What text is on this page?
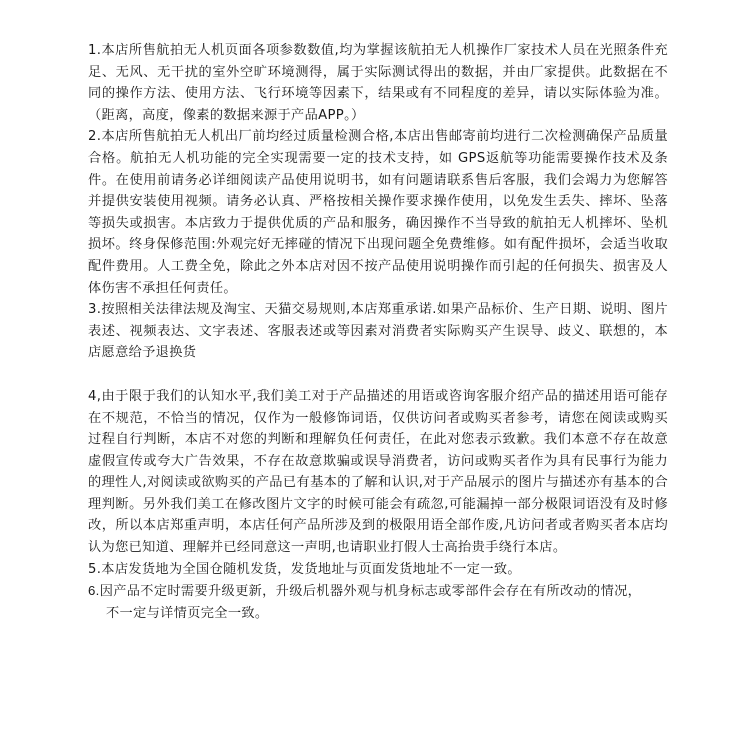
1.本店所售航拍无人机页面各项参数数值,均为掌握该航拍无人机操作厂家技术人员在光照条件充足、无风、无干扰的室外空旷环境测得，属于实际测试得出的数据，并由厂家提供。此数据在不同的操作方法、使用方法、飞行环境等因素下，结果或有不同程度的差异，请以实际体验为准。（距离，高度，像素的数据来源于产品APP。）

2.本店所售航拍无人机出厂前均经过质量检测合格,本店出售邮寄前均进行二次检测确保产品质量合格。航拍无人机功能的完全实现需要一定的技术支持，如 GPS返航等功能需要操作技术及条件。在使用前请务必详细阅读产品使用说明书，如有问题请联系售后客服，我们会竭力为您解答并提供安装使用视频。请务必认真、严格按相关操作要求操作使用，以免发生丢失、摔坏、坠落等损失或损害。本店致力于提供优质的产品和服务，确因操作不当导致的航拍无人机摔坏、坠机损坏。终身保修范围:外观完好无摔碰的情况下出现问题全免费维修。如有配件损坏，会适当收取配件费用。人工费全免，除此之外本店对因不按产品使用说明操作而引起的任何损失、损害及人体伤害不承担任何责任。

3.按照相关法律法规及淘宝、天猫交易规则,本店郑重承诺.如果产品标价、生产日期、说明、图片表述、视频表达、文字表述、客服表述或等因素对消费者实际购买产生误导、歧义、联想的，本店愿意给予退换货

4,由于限于我们的认知水平,我们美工对于产品描述的用语或咨询客服介绍产品的描述用语可能存在不规范，不恰当的情况，仅作为一般修饰词语，仅供访问者或购买者参考，请您在阅读或购买过程自行判断，本店不对您的判断和理解负任何责任，在此对您表示致歉。我们本意不存在故意虚假宣传或夸大广告效果，不存在故意欺骗或误导消费者，访问或购买者作为具有民事行为能力的理性人,对阅读或欲购买的产品已有基本的了解和认识,对于产品展示的图片与描述亦有基本的合理判断。另外我们美工在修改图片文字的时候可能会有疏忽,可能漏掉一部分极限词语没有及时修改，所以本店郑重声明，本店任何产品所涉及到的极限用语全部作废,凡访问者或者购买者本店均认为您已知道、理解并已经同意这一声明,也请职业打假人士高抬贵手绕行本店。

5.本店发货地为全国仓随机发货，发货地址与页面发货地址不一定一致。

6.因产品不定时需要升级更新，升级后机器外观与机身标志或零部件会存在有所改动的情况，
不一定与详情页完全一致。
